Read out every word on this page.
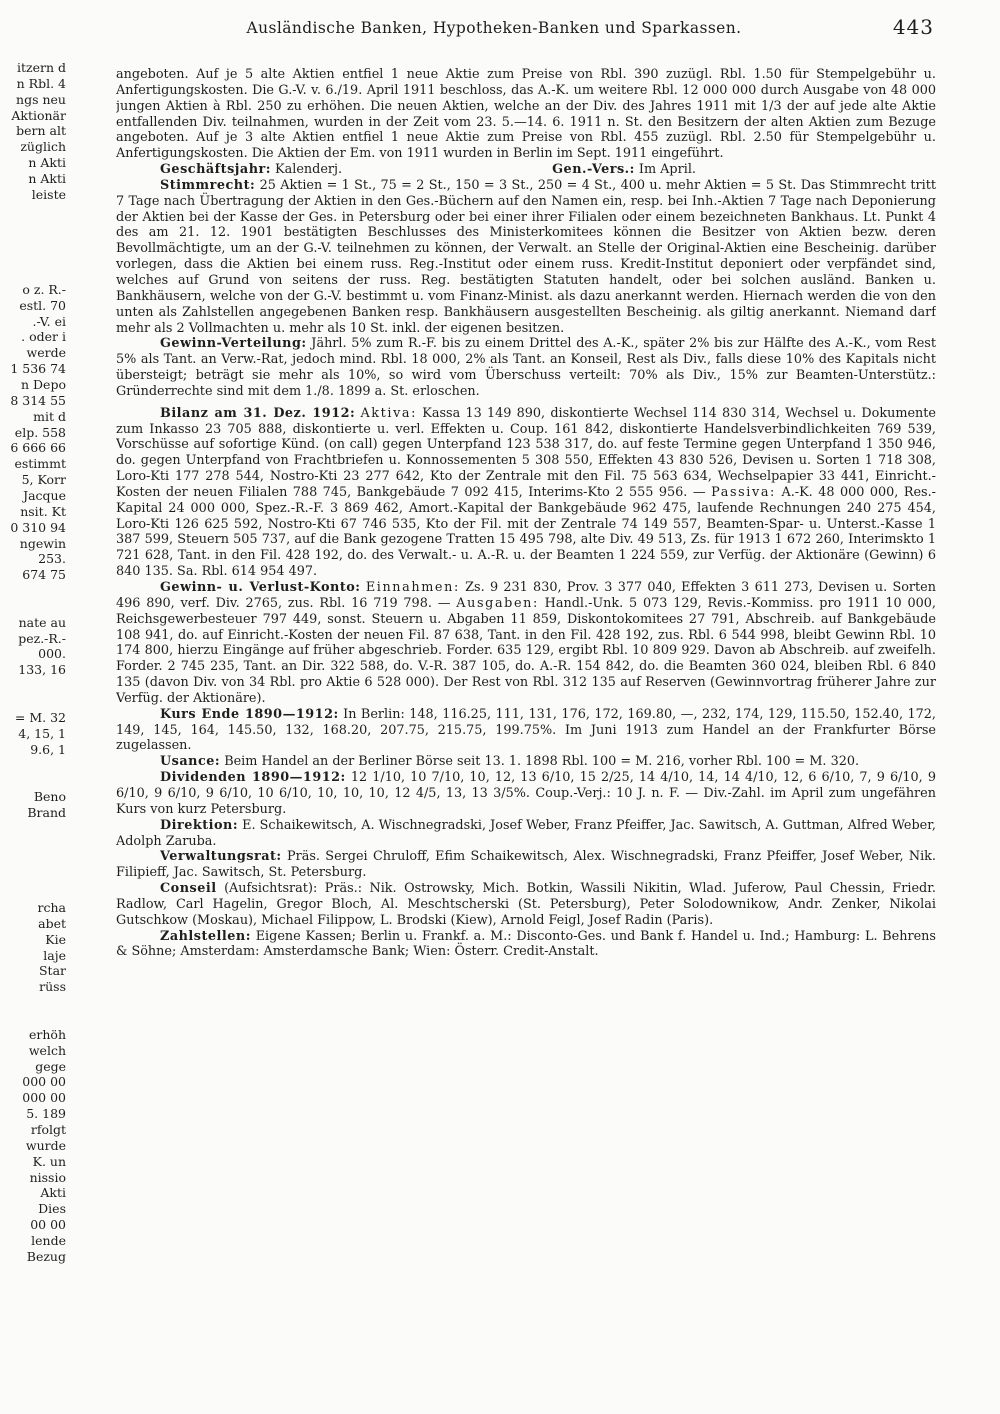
Ausländische Banken, Hypotheken-Banken und Sparkassen.	443
itzern d
n Rbl. 4
ngs neu
Aktionär
bern alt
züglich
n Akti
n Akti
leiste
o z. R.-
estl. 70
.-V. ei
. oder i
werde
1 536 74
n Depo
8 314 55
mit d
elp. 558
6 666 66
estimmt
5, Korr
Jacque
nsit. Kt
0 310 94
ngewin
253.
674 75
nate au
pez.-R.-
000.
133, 16
= M. 32
4, 15, 1
9.6, 1
Beno
Brand
rcha
abet
Kie
laje
Star
rüss
erhöh
welch
gege
000 00
000 00
5. 189
rfolgt
wurde
K. un
nissio
Akti
Dies
00 00
lende
Bezug

angeboten. Auf je 5 alte Aktien entfiel 1 neue Aktie zum Preise von Rbl. 390 zuzügl. Rbl. 1.50 für Stempelgebühr u. Anfertigungskosten. Die G.-V. v. 6./19. April 1911 beschloss, das A.-K. um weitere Rbl. 12 000 000 durch Ausgabe von 48 000 jungen Aktien à Rbl. 250 zu erhöhen. Die neuen Aktien, welche an der Div. des Jahres 1911 mit 1/3 der auf jede alte Aktie entfallenden Div. teilnahmen, wurden in der Zeit vom 23. 5.—14. 6. 1911 n. St. den Besitzern der alten Aktien zum Bezuge angeboten. Auf je 3 alte Aktien entfiel 1 neue Aktie zum Preise von Rbl. 455 zuzügl. Rbl. 2.50 für Stempelgebühr u. Anfertigungskosten. Die Aktien der Em. von 1911 wurden in Berlin im Sept. 1911 eingeführt.

Geschäftsjahr: Kalenderj.	Gen.-Vers.: Im April.

Stimmrecht: 25 Aktien = 1 St., 75 = 2 St., 150 = 3 St., 250 = 4 St., 400 u. mehr Aktien = 5 St. Das Stimmrecht tritt 7 Tage nach Übertragung der Aktien in den Ges.-Büchern auf den Namen ein, resp. bei Inh.-Aktien 7 Tage nach Deponierung der Aktien bei der Kasse der Ges. in Petersburg oder bei einer ihrer Filialen oder einem bezeichneten Bankhaus. Lt. Punkt 4 des am 21. 12. 1901 bestätigten Beschlusses des Ministerkomitees können die Besitzer von Aktien bezw. deren Bevollmächtigte, um an der G.-V. teilnehmen zu können, der Verwalt. an Stelle der Original-Aktien eine Bescheinig. darüber vorlegen, dass die Aktien bei einem russ. Reg.-Institut oder einem russ. Kredit-Institut deponiert oder verpfändet sind, welches auf Grund von seitens der russ. Reg. bestätigten Statuten handelt, oder bei solchen ausländ. Banken u. Bankhäusern, welche von der G.-V. bestimmt u. vom Finanz-Minist. als dazu anerkannt werden. Hiernach werden die von den unten als Zahlstellen angegebenen Banken resp. Bankhäusern ausgestellten Bescheinig. als giltig anerkannt. Niemand darf mehr als 2 Vollmachten u. mehr als 10 St. inkl. der eigenen besitzen.

Gewinn-Verteilung: Jährl. 5% zum R.-F. bis zu einem Drittel des A.-K., später 2% bis zur Hälfte des A.-K., vom Rest 5% als Tant. an Verw.-Rat, jedoch mind. Rbl. 18 000, 2% als Tant. an Konseil, Rest als Div., falls diese 10% des Kapitals nicht übersteigt; beträgt sie mehr als 10%, so wird vom Überschuss verteilt: 70% als Div., 15% zur Beamten-Unterstütz.: Gründerrechte sind mit dem 1./8. 1899 a. St. erloschen.

Bilanz am 31. Dez. 1912: Aktiva: Kassa 13 149 890, diskontierte Wechsel 114 830 314, Wechsel u. Dokumente zum Inkasso 23 705 888, diskontierte u. verl. Effekten u. Coup. 161 842, diskontierte Handelsverbindlichkeiten 769 539, Vorschüsse auf sofortige Künd. (on call) gegen Unterpfand 123 538 317, do. auf feste Termine gegen Unterpfand 1 350 946, do. gegen Unterpfand von Frachtbriefen u. Konnossementen 5 308 550, Effekten 43 830 526, Devisen u. Sorten 1 718 308, Loro-Kti 177 278 544, Nostro-Kti 23 277 642, Kto der Zentrale mit den Fil. 75 563 634, Wechselpapier 33 441, Einricht.-Kosten der neuen Filialen 788 745, Bankgebäude 7 092 415, Interims-Kto 2 555 956. — Passiva: A.-K. 48 000 000, Res.-Kapital 24 000 000, Spez.-R.-F. 3 869 462, Amort.-Kapital der Bankgebäude 962 475, laufende Rechnungen 240 275 454, Loro-Kti 126 625 592, Nostro-Kti 67 746 535, Kto der Fil. mit der Zentrale 74 149 557, Beamten-Spar- u. Unterst.-Kasse 1 387 599, Steuern 505 737, auf die Bank gezogene Tratten 15 495 798, alte Div. 49 513, Zs. für 1913 1 672 260, Interimskto 1 721 628, Tant. in den Fil. 428 192, do. des Verwalt.- u. A.-R. u. der Beamten 1 224 559, zur Verfüg. der Aktionäre (Gewinn) 6 840 135. Sa. Rbl. 614 954 497.

Gewinn- u. Verlust-Konto: Einnahmen: Zs. 9 231 830, Prov. 3 377 040, Effekten 3 611 273, Devisen u. Sorten 496 890, verf. Div. 2765, zus. Rbl. 16 719 798. — Ausgaben: Handl.-Unk. 5 073 129, Revis.-Kommiss. pro 1911 10 000, Reichsgewerbesteuer 797 449, sonst. Steuern u. Abgaben 11 859, Diskontokomitees 27 791, Abschreib. auf Bankgebäude 108 941, do. auf Einricht.-Kosten der neuen Fil. 87 638, Tant. in den Fil. 428 192, zus. Rbl. 6 544 998, bleibt Gewinn Rbl. 10 174 800, hierzu Eingänge auf früher abgeschrieb. Forder. 635 129, ergibt Rbl. 10 809 929. Davon ab Abschreib. auf zweifelh. Forder. 2 745 235, Tant. an Dir. 322 588, do. V.-R. 387 105, do. A.-R. 154 842, do. die Beamten 360 024, bleiben Rbl. 6 840 135 (davon Div. von 34 Rbl. pro Aktie 6 528 000). Der Rest von Rbl. 312 135 auf Reserven (Gewinnvortrag früherer Jahre zur Verfüg. der Aktionäre).

Kurs Ende 1890—1912: In Berlin: 148, 116.25, 111, 131, 176, 172, 169.80, —, 232, 174, 129, 115.50, 152.40, 172, 149, 145, 164, 145.50, 132, 168.20, 207.75, 215.75, 199.75%. Im Juni 1913 zum Handel an der Frankfurter Börse zugelassen.

Usance: Beim Handel an der Berliner Börse seit 13. 1. 1898 Rbl. 100 = M. 216, vorher Rbl. 100 = M. 320.

Dividenden 1890—1912: 12 1/10, 10 7/10, 10, 12, 13 6/10, 15 2/25, 14 4/10, 14, 14 4/10, 12, 6 6/10, 7, 9 6/10, 9 6/10, 9 6/10, 9 6/10, 10 6/10, 10, 10, 10, 12 4/5, 13, 13 3/5%. Coup.-Verj.: 10 J. n. F. — Div.-Zahl. im April zum ungefähren Kurs von kurz Petersburg.

Direktion: E. Schaikewitsch, A. Wischnegradski, Josef Weber, Franz Pfeiffer, Jac. Sawitsch, A. Guttman, Alfred Weber, Adolph Zaruba.

Verwaltungsrat: Präs. Sergei Chruloff, Efim Schaikewitsch, Alex. Wischnegradski, Franz Pfeiffer, Josef Weber, Nik. Filipieff, Jac. Sawitsch, St. Petersburg.

Conseil (Aufsichtsrat): Präs.: Nik. Ostrowsky, Mich. Botkin, Wassili Nikitin, Wlad. Juferow, Paul Chessin, Friedr. Radlow, Carl Hagelin, Gregor Bloch, Al. Meschtscherski (St. Petersburg), Peter Solodownikow, Andr. Zenker, Nikolai Gutschkow (Moskau), Michael Filippow, L. Brodski (Kiew), Arnold Feigl, Josef Radin (Paris).

Zahlstellen: Eigene Kassen; Berlin u. Frankf. a. M.: Disconto-Ges. und Bank f. Handel u. Ind.; Hamburg: L. Behrens & Söhne; Amsterdam: Amsterdamsche Bank; Wien: Österr. Credit-Anstalt.
